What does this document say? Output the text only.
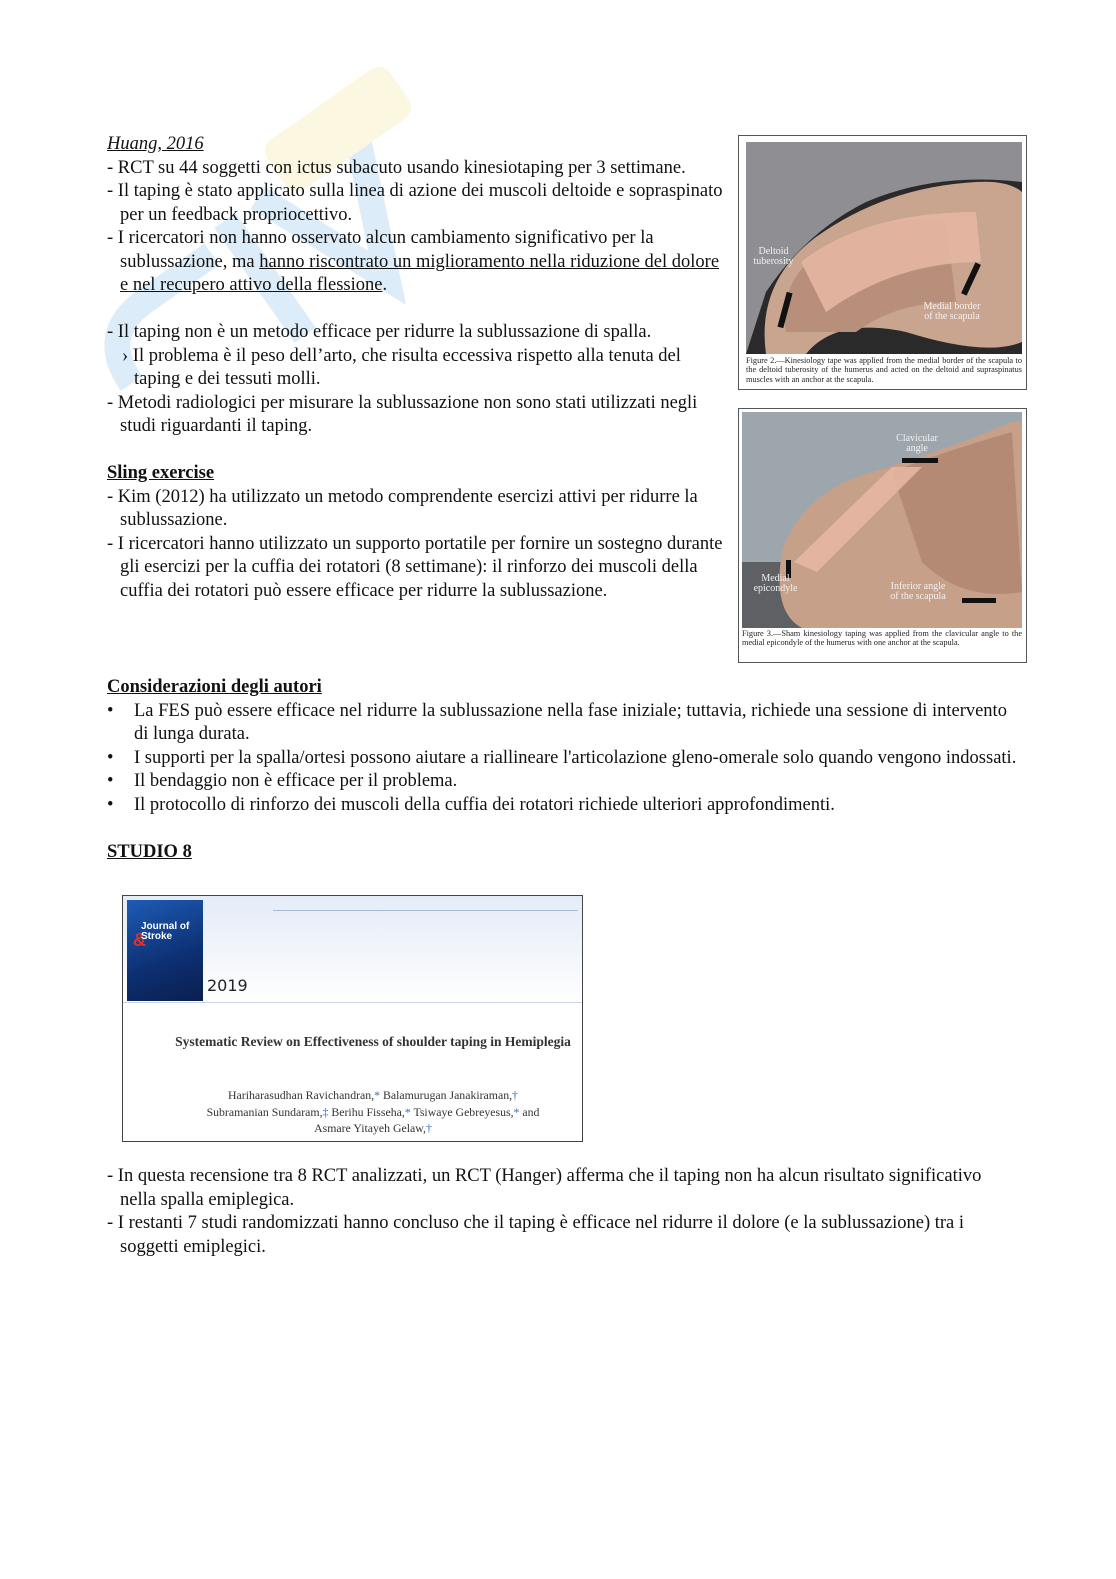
Huang, 2016

- RCT su 44 soggetti con ictus subacuto usando kinesiotaping per 3 settimane.

- Il taping è stato applicato sulla linea di azione dei muscoli deltoide e sopraspinato per un feedback propriocettivo.

- I ricercatori non hanno osservato alcun cambiamento significativo per la sublussazione, ma hanno riscontrato un miglioramento nella riduzione del dolore e nel recupero attivo della flessione.

- Il taping non è un metodo efficace per ridurre la sublussazione di spalla.

› Il problema è il peso dell’arto, che risulta eccessiva rispetto alla tenuta del taping e dei tessuti molli.

- Metodi radiologici per misurare la sublussazione non sono stati utilizzati negli studi riguardanti il taping.

Sling exercise

- Kim (2012) ha utilizzato un metodo comprendente esercizi attivi per ridurre la sublussazione.

- I ricercatori hanno utilizzato un supporto portatile per fornire un sostegno durante gli esercizi per la cuffia dei rotatori (8 settimane): il rinforzo dei muscoli della cuffia dei rotatori può essere efficace per ridurre la sublussazione.

Deltoid tuberosity
Medial border of the scapula
Figure 2.—Kinesiology tape was applied from the medial border of the scapula to the deltoid tuberosity of the humerus and acted on the deltoid and supraspinatus muscles with an anchor at the scapula.
Clavicular angle
Medial epicondyle	Inferior angle of the scapula
Figure 3.—Sham kinesiology taping was applied from the clavicular angle to the medial epicondyle of the humerus with one anchor at the scapula.

Considerazioni degli autori

• La FES può essere efficace nel ridurre la sublussazione nella fase iniziale; tuttavia, richiede una sessione di intervento di lunga durata.

• I supporti per la spalla/ortesi possono aiutare a riallineare l'articolazione gleno-omerale solo quando vengono indossati.

• Il bendaggio non è efficace per il problema.

• Il protocollo di rinforzo dei muscoli della cuffia dei rotatori richiede ulteriori approfondimenti.

STUDIO 8

&
Journal of Stroke
2019
Systematic Review on Effectiveness of shoulder taping in Hemiplegia
Hariharasudhan Ravichandran,* Balamurugan Janakiraman,†
Subramanian Sundaram,‡ Berihu Fisseha,* Tsiwaye Gebreyesus,* and
Asmare Yitayeh Gelaw,†

- In questa recensione tra 8 RCT analizzati, un RCT (Hanger) afferma che il taping non ha alcun risultato significativo nella spalla emiplegica.

- I restanti 7 studi randomizzati hanno concluso che il taping è efficace nel ridurre il dolore (e la sublussazione) tra i soggetti emiplegici.
